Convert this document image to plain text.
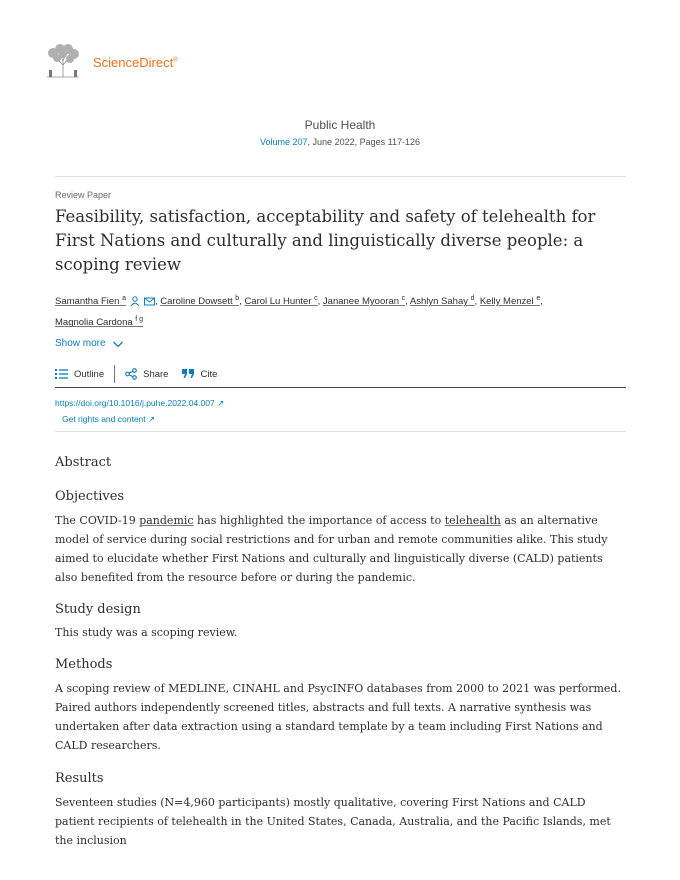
ScienceDirect®
Public Health
Volume 207, June 2022, Pages 117-126
Review Paper
Feasibility, satisfaction, acceptability and safety of telehealth for First Nations and culturally and linguistically diverse people: a scoping review
Samantha Fien $^a$	, Caroline Dowsett $^b$, Carol Lu Hunter $^c$, Jananee Myooran $^c$, Ashlyn Sahay $^d$, Kelly Menzel $^e$,
Magnolia Cardona $^{f g}$
Show more
Outline	Share	Cite
https://doi.org/10.1016/j.puhe.2022.04.007 ↗
Get rights and content ↗
Abstract
Objectives

The COVID-19 pandemic has highlighted the importance of access to telehealth as an alternative model of service during social restrictions and for urban and remote communities alike. This study aimed to elucidate whether First Nations and culturally and linguistically diverse (CALD) patients also benefited from the resource before or during the pandemic.

Study design

This study was a scoping review.

Methods

A scoping review of MEDLINE, CINAHL and PsycINFO databases from 2000 to 2021 was performed. Paired authors independently screened titles, abstracts and full texts. A narrative synthesis was undertaken after data extraction using a standard template by a team including First Nations and CALD researchers.

Results

Seventeen studies (N=4,960 participants) mostly qualitative, covering First Nations and CALD patient recipients of telehealth in the United States, Canada, Australia, and the Pacific Islands, met the inclusion
